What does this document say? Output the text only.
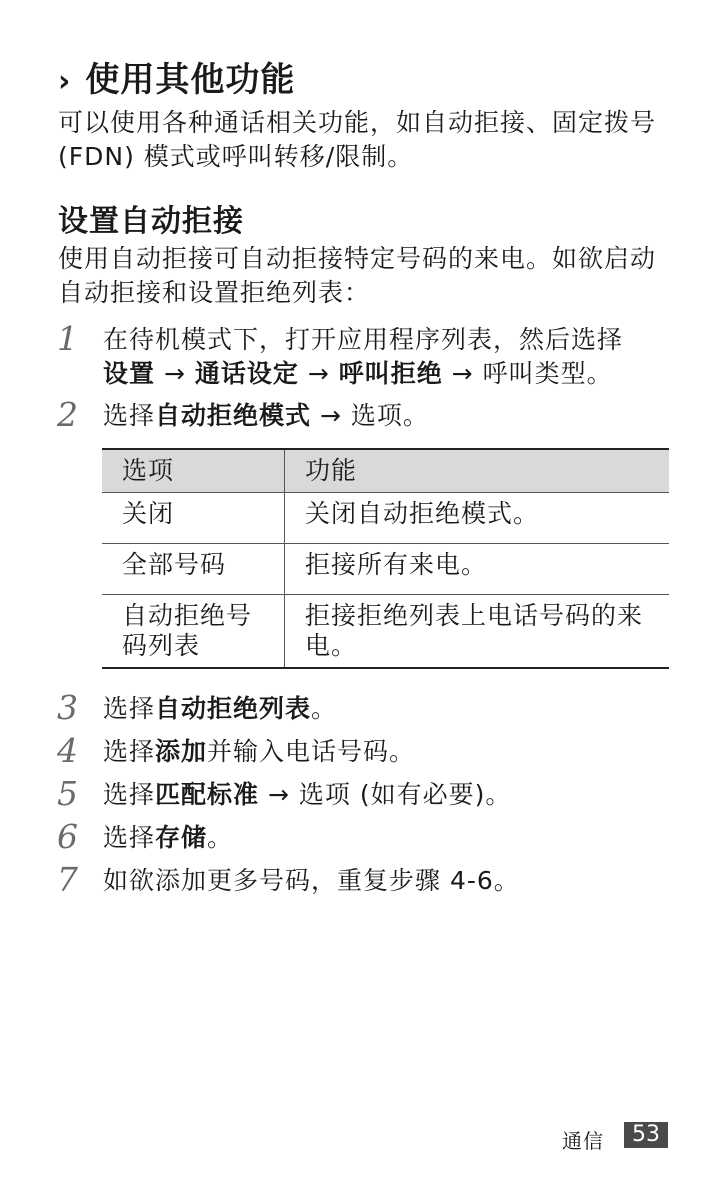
› 使用其他功能
可以使用各种通话相关功能，如自动拒接、固定拨号 (FDN) 模式或呼叫转移/限制。
设置自动拒接
使用自动拒接可自动拒接特定号码的来电。如欲启动自动拒接和设置拒绝列表：
1 在待机模式下，打开应用程序列表，然后选择
设置 → 通话设定 → 呼叫拒绝 → 呼叫类型。
2 选择自动拒绝模式 → 选项。
选项	功能
关闭	关闭自动拒绝模式。
全部号码	拒接所有来电。
自动拒绝号码列表	拒接拒绝列表上电话号码的来电。
3 选择自动拒绝列表。
4 选择添加并输入电话号码。
5 选择匹配标准 → 选项 (如有必要)。
6 选择存储。
7 如欲添加更多号码，重复步骤 4-6。
通信	53
